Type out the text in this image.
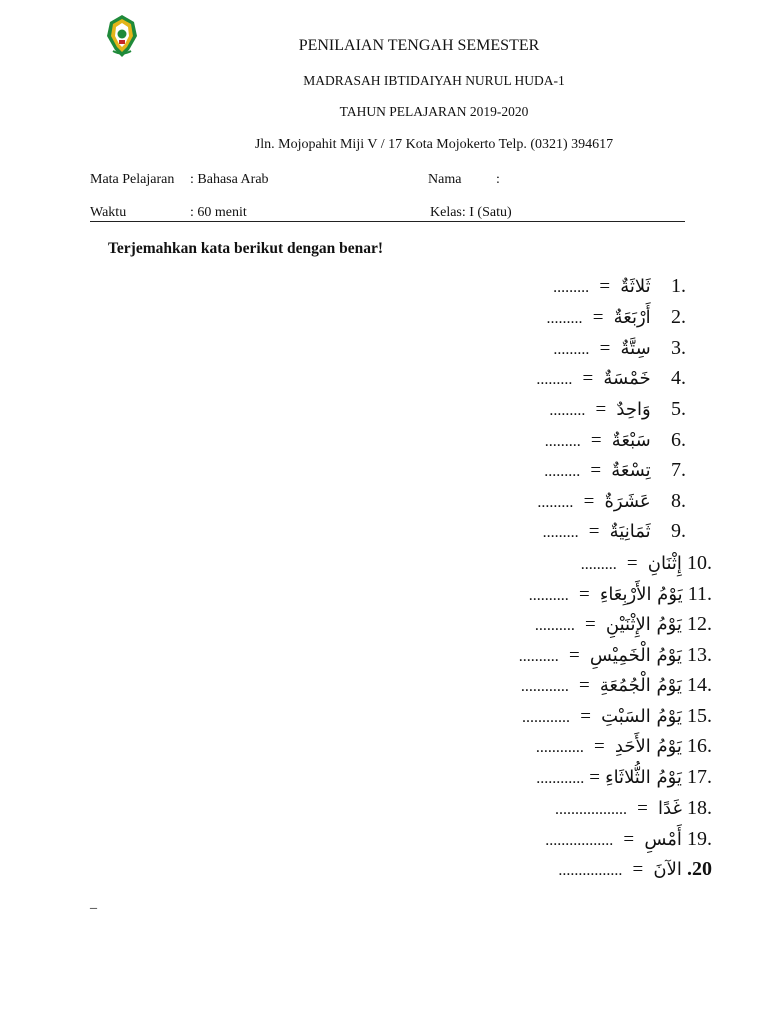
PENILAIAN TENGAH SEMESTER
MADRASAH IBTIDAIYAH NURUL HUDA-1
TAHUN PELAJARAN 2019-2020
Jln. Mojopahit Miji V / 17 Kota Mojokerto Telp. (0321) 394617
Mata Pelajaran : Bahasa Arab	Nama :
Waktu	: 60 menit	Kelas: I (Satu)
Terjemahkan kata berikut dengan benar!
.1    ثَلاثَةٌ  =  .........
.2    أَرْبَعَةٌ  =  .........
.3    سِتَّةٌ  =  .........
.4    خَمْسَةٌ  =  .........
.5    وَاحِدٌ  =  .........
.6    سَبْعَةٌ  =  .........
.7    تِسْعَةٌ  =  .........
.8    عَشَرَةٌ  =  .........
.9    ثَمَانِيَةٌ  =  .........
.10 إِثْنَانِ  =  .........
.11 يَوْمُ الأَرْبِعَاءِ  =  ..........
.12 يَوْمُ الإِثْنَيْنِ  =  ..........
.13 يَوْمُ الْخَمِيْسِ  =  ..........
.14 يَوْمُ الْجُمُعَةِ  =  ............
.15 يَوْمُ السَبْتِ  =  ............
.16 يَوْمُ الأَحَدِ  =  ............
.17 يَوْمُ الثُّلاثَاءِ = ............
.18 غَدًا  =  ..................
.19 أَمْسِ  =  .................
20. الآنَ  =  ................
_
